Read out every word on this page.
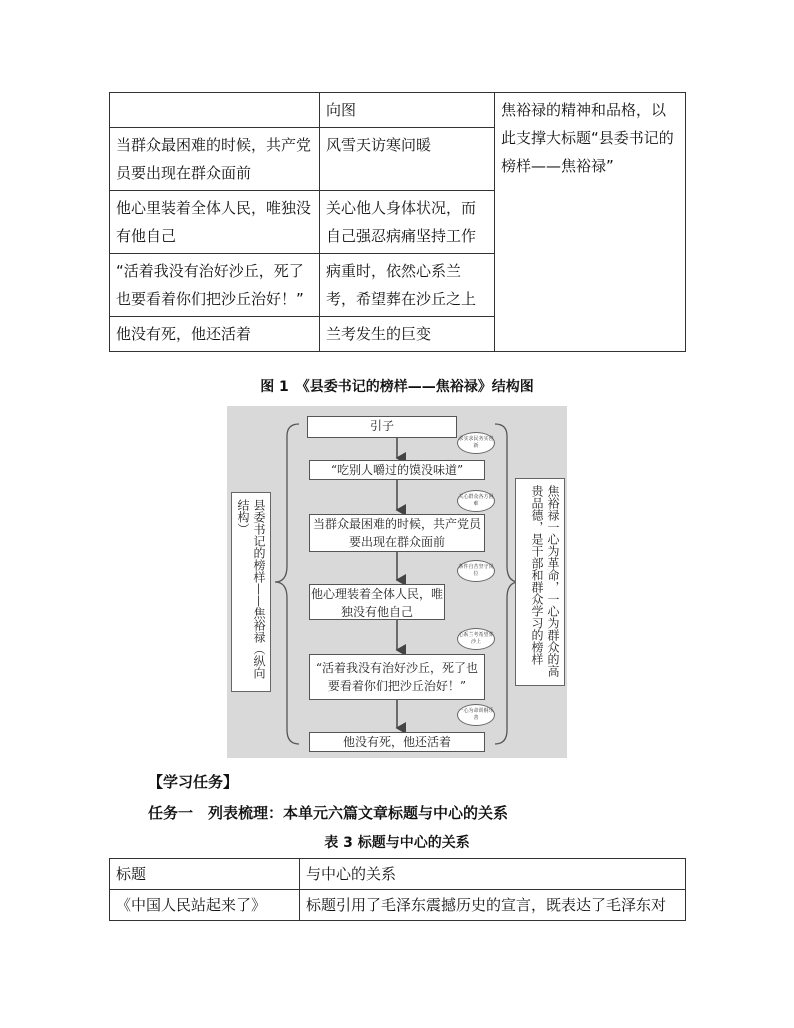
	向图	焦裕禄的精神和品格，以此支撑大标题“县委书记的榜样——焦裕禄”
当群众最困难的时候，共产党员要出现在群众面前	风雪天访寒问暖	
他心里装着全体人民，唯独没有他自己	关心他人身体状况，而自己强忍病痛坚持工作	
“活着我没有治好沙丘，死了也要看着你们把沙丘治好！”	病重时，依然心系兰考，希望葬在沙丘之上	
他没有死，他还活着	兰考发生的巨变	
图 1　《县委书记的榜样——焦裕禄》结构图
引子
“吃别人嚼过的馍没味道”
当群众最困难的时候，共产党员要出现在群众面前
他心理装着全体人民，唯独没有他自己
“活着我没有治好沙丘，死了也要看着你们把沙丘治好！”
他没有死，他还活着
求实求民务实创新
关心群众各方困难
条件自苦坚守岗位
心系兰考希望葬沙上
一心为命训桐乐善
县委书记的榜样——焦裕禄（纵向结构）	焦裕禄一心为革命，一心为群众的高贵品德，是干部和群众学习的榜样
【学习任务】
任务一　列表梳理：本单元六篇文章标题与中心的关系
表 3 标题与中心的关系
标题	与中心的关系
《中国人民站起来了》	标题引用了毛泽东震撼历史的宣言，既表达了毛泽东对
